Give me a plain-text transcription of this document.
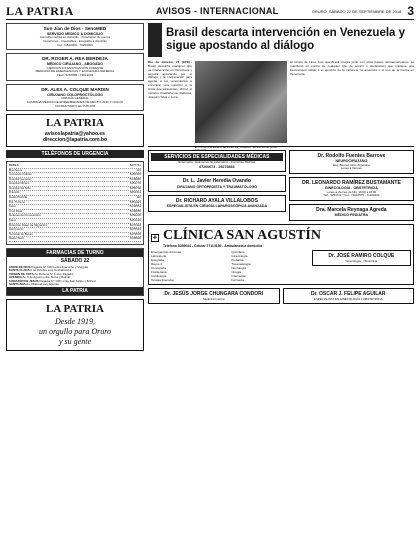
LA PATRIA	AVISOS - INTERNACIONAL	ORURO, SÁBADO 22 DE SEPTIEMBRE DE 2018 3
Sun Jian de Dios - SenoMED
SERVICIO MEDICO & DOMICILIO
Consulta médica en domicilio - Colocación de sueros
Curaciones - Inyectables - Ecografía a domicilio
Cel: 71840000 - 76250000
DR. ROGER A. REA BERDEJA
MÉDICO CIRUJANO - ABOGADO
CIENCIAS E INVESTIGACIÓN FORENSE
MEDICINA DE EMERGENCIAS Y ECOGRAFÍA GENERAL
TELF. 5287895 - 73613033
DR. ALEX A. COLQUE MARDIN
CIRUJANO COLOPROCTÓLOGO
CIRUGÍA GENERAL
CAMPAÑA MÉDICA DE ENFERMEDADES DE RECTO, ANO Y COLON
CONSULTORIO: EL FUTURO
LA PATRIA
avisoslapatria@yahoo.es
direccion@lapatria.com.bo
TELÉFONOS DE URGENCIA
BEBES	5277741
Bomberos	119
Comando Policial	5252333
Hospital General	5249965
Hospital Obrero	5251770
Hospital del Niño	5250700
Tránsito	5253311
Radio Patrulla	110
Pol. Turismo	5251923
Felcc	5244551
Cruz Roja	5240555
Defensa del Consumidor	5250200
SeLA	5251010
Dirección Dptal. de Migración	5270404
Aeropuerto	5276543
Terminal de Buses	5279535
Radio Taxis	5245600
FARMACIAS DE TURNO
SÁBADO 22
AMOR DE DIOS Pagador N° 1064 entre Ayacucho y Murguía
SANTA CLARA 6 de Octubre esq. Cochabamba
VIRGEN DE COTA Av. Dehene N° 1 esq. Pagador
AVENIDA Av. 6 de Agosto entre Sucre y Bolívar
CORAZÓN DE JESÚS Pagador N° 1001 entre San Felipe y Bolívar
SANTA ANA Av. Villarroel esq. Ejército
LA PATRIA
LA PATRIA
Desde 1919,
un orgullo para Oruro
y su gente
Brasil descarta intervención en Venezuela y sigue apostando al diálogo
Río de Janeiro, 21 (EFE).- Brasil descarta cualquier tipo de intervención en Venezuela y seguirá apostando por el diálogo y la cooperación para ayudar a los venezolanos a encontrar una solución a la crisis que atraviesan, afirmó el ministro brasileño de Defensa, Joaquim Silva e Luna.
El ministro brasileño de Defensa, Joaquim Silva e Luna. (Foto: Internet)
El Grupo de Lima, foro que Brasil integra junto con otros países latinoamericanos, se manifestó en contra de cualquier tipo de acción o declaración que implique una intervención militar o el ejercicio de la violencia, la amenaza o el uso de la fuerza en Venezuela.
SERVICIOS DE ESPECIALIDADES MÉDICAS
Enfermería - Exámenes de Laboratorio - Consultas Médicas
67200673 - 25276853
Dr. L. Javier Heredia Ovando
CIRUJANO ORTOPEDISTA Y TRAUMATÓLOGO
Dr. RICHARD AYALA VILLALOBOS
ESPECIALISTA EN CIRUGÍA LAPAROSCÓPICA AVANZADA
Dr. Rodolfo Fuentes Barrove
NEUROCIRUJANO
Esq. Buenos Aires Argentina
Lunes a Viernes
DR. LEONARDO RAMÍREZ BUSTAMANTE
GINECOLOGÍA - OBSTETRICIA
Lunes a Viernes de Hrs. 16:00 a 18:00
Telf.: 5254721 * Cel.: 72616575 - 71400420
Dra. Marcela Reynaga Agreda
MÉDICO PEDIATRA
✚ CLÍNICA SAN AGUSTÍN
Teléfono 5289044 - Celular 77113156 - Ambulancia a domicilio
Emergencias 24 horas
Laboratorio
Ecografía
Rayos X
Tomografía
Fisioterapia
Cardiología
Terapia Intensiva
Quirófano
Ginecología
Pediatría
Traumatología
Neurología
Cirugía
Internación
Farmacia
Dr. JOSÉ RAMIRO COLQUE
Ginecología - Obstetricia
Dr. JESÚS JORGE CHUNGARA CONDORI
Medicina Interna
Dr. OSCAR J. FELIPE AGUILAR
ESPECIALISTA EN GINECOLOGÍA Y OBSTETRICIA
